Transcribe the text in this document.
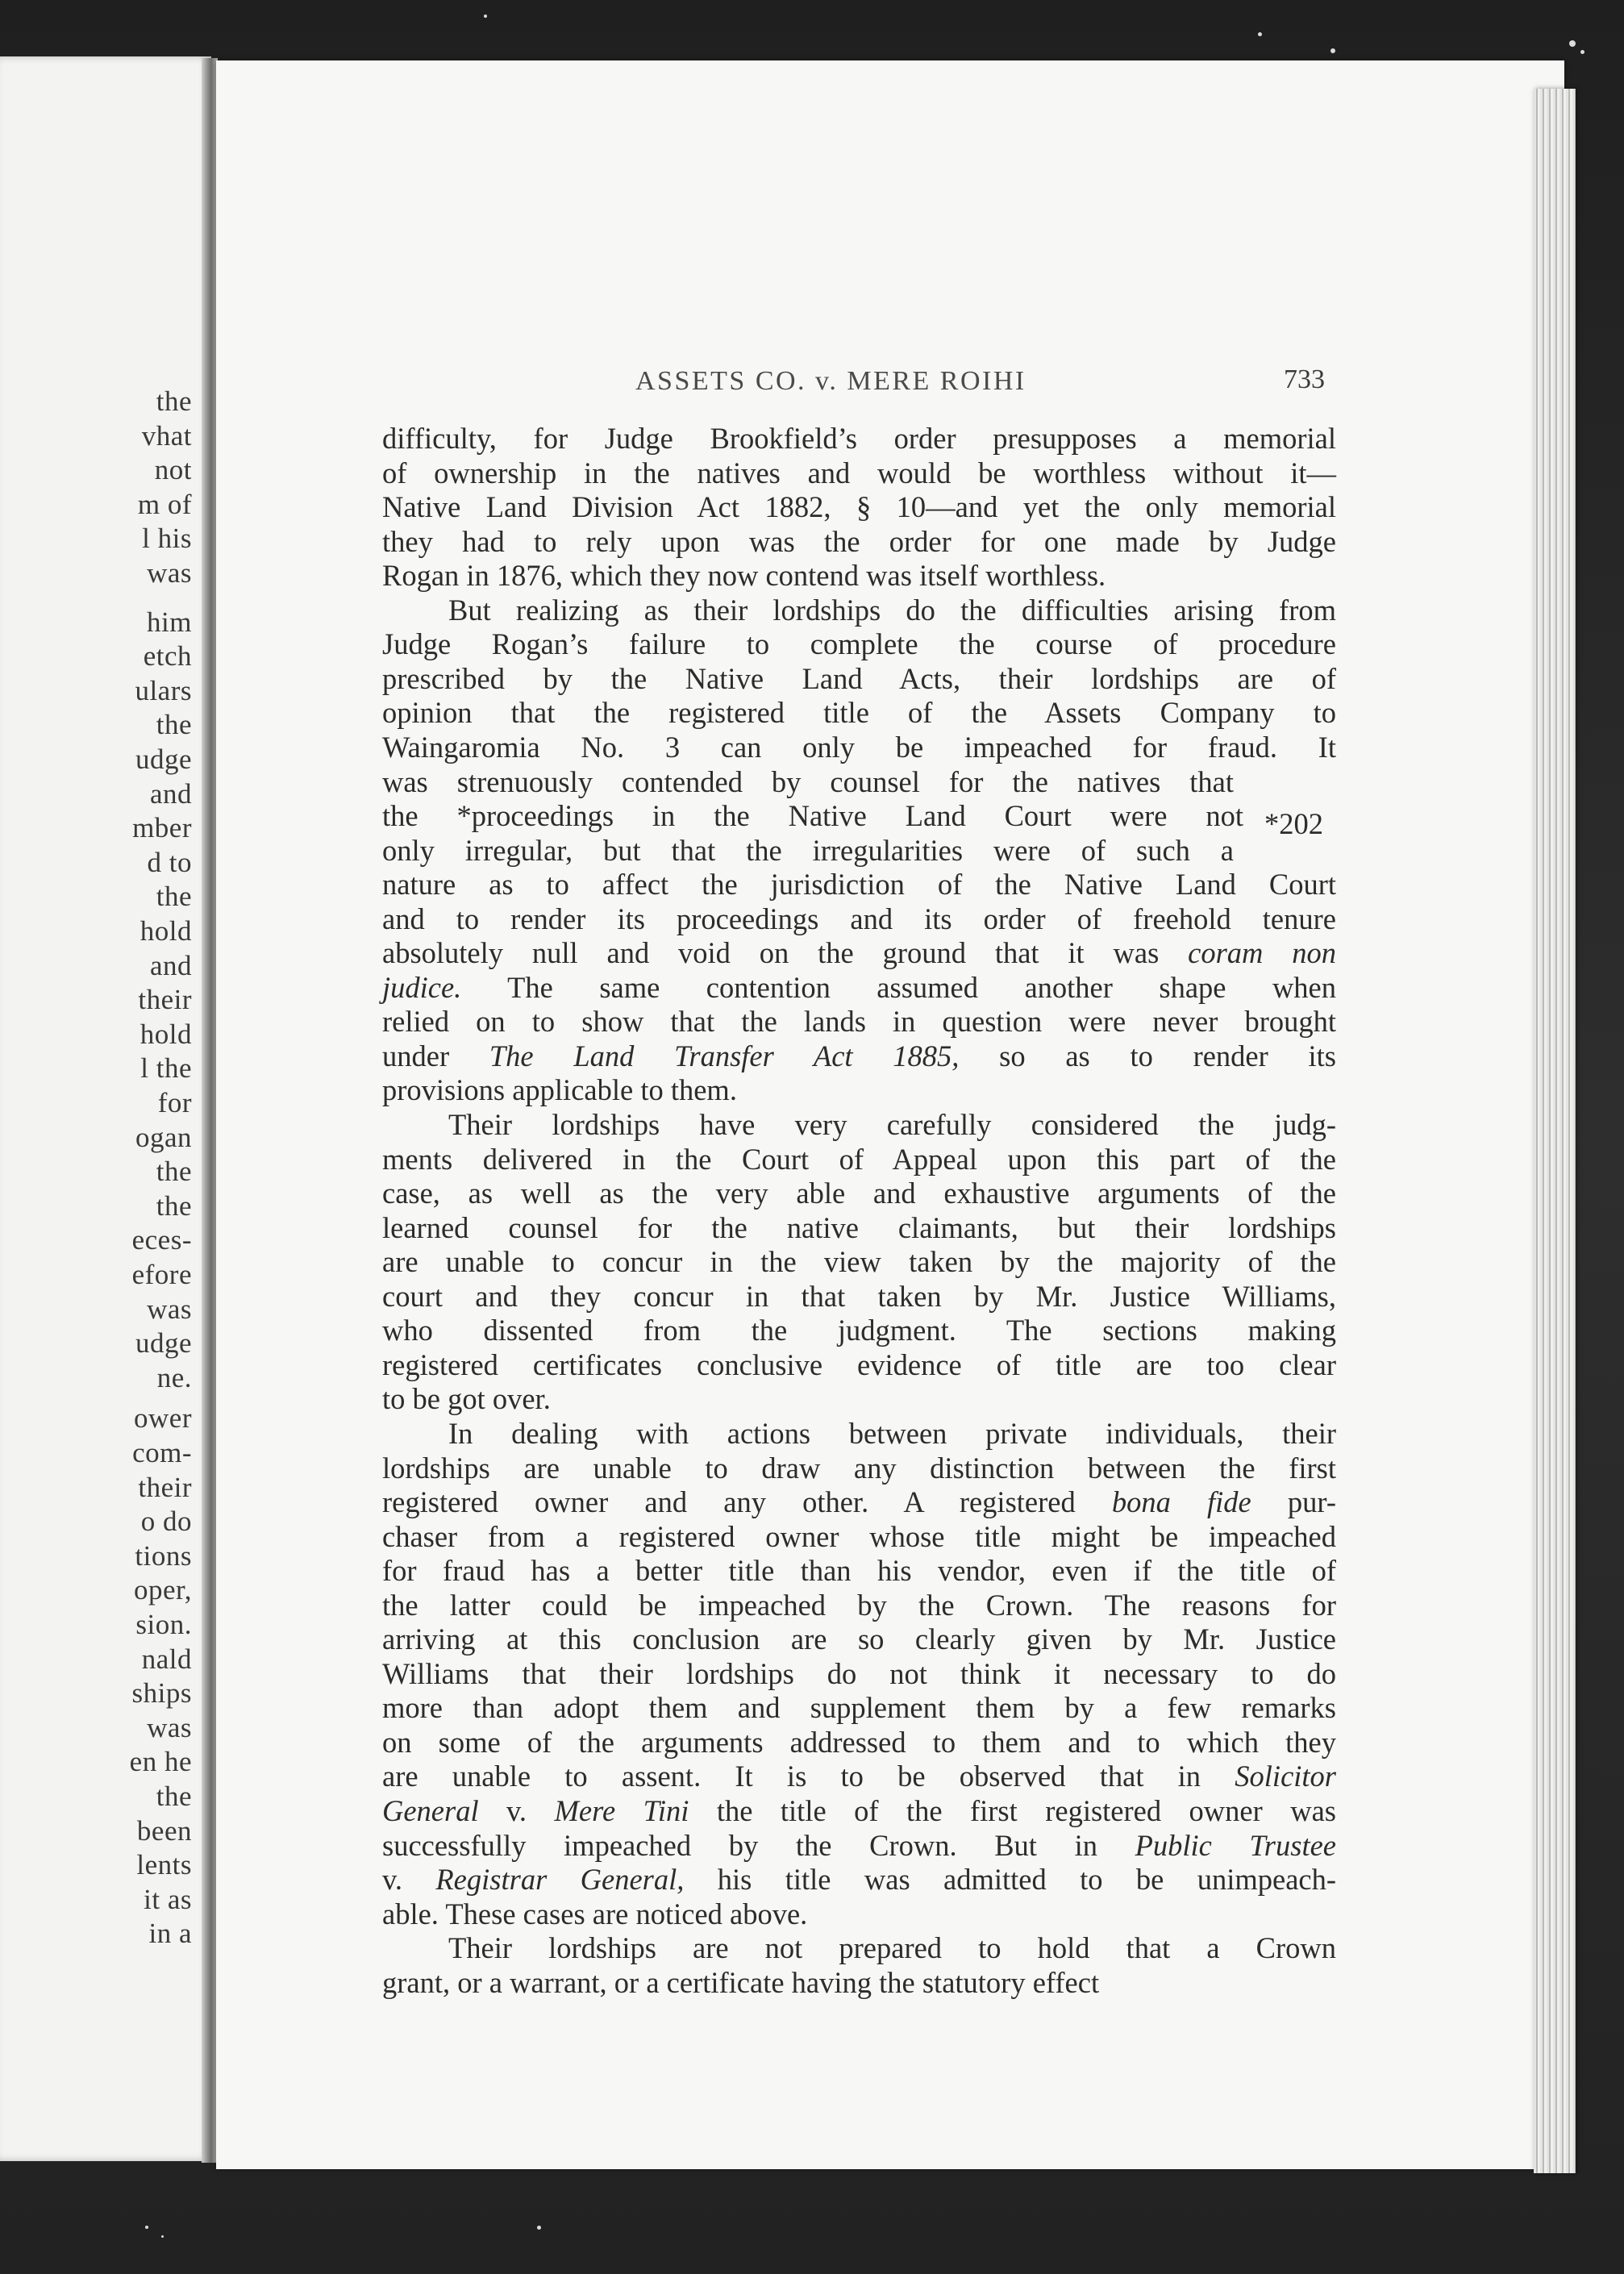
the
vhat
not
m of
l his
was
him
etch
ulars
the
udge
and
mber
d to
the
hold
and
their
hold
l the
for
ogan
the
the
eces-
efore
was
udge
ne.
ower
com-
their
o do
tions
oper,
sion.
nald
ships
was
en he
the
been
lents
it as
in a
ASSETS CO. v. MERE ROIHI	733
difficulty, for Judge Brookfield’s order presupposes a memorial
of ownership in the natives and would be worthless without it—
Native Land Division Act 1882, § 10—and yet the only memorial
they had to rely upon was the order for one made by Judge
Rogan in 1876, which they now contend was itself worthless.
But realizing as their lordships do the difficulties arising from
Judge Rogan’s failure to complete the course of procedure
prescribed by the Native Land Acts, their lordships are of
opinion that the registered title of the Assets Company to
Waingaromia No. 3 can only be impeached for fraud. It
was strenuously contended by counsel for the natives that
the *proceedings in the Native Land Court were not
only irregular, but that the irregularities were of such a
nature as to affect the jurisdiction of the Native Land Court
and to render its proceedings and its order of freehold tenure
absolutely null and void on the ground that it was coram non
judice. The same contention assumed another shape when
relied on to show that the lands in question were never brought
under The Land Transfer Act 1885, so as to render its
provisions applicable to them.
Their lordships have very carefully considered the judg-
ments delivered in the Court of Appeal upon this part of the
case, as well as the very able and exhaustive arguments of the
learned counsel for the native claimants, but their lordships
are unable to concur in the view taken by the majority of the
court and they concur in that taken by Mr. Justice Williams,
who dissented from the judgment. The sections making
registered certificates conclusive evidence of title are too clear
to be got over.
In dealing with actions between private individuals, their
lordships are unable to draw any distinction between the first
registered owner and any other. A registered bona fide pur-
chaser from a registered owner whose title might be impeached
for fraud has a better title than his vendor, even if the title of
the latter could be impeached by the Crown. The reasons for
arriving at this conclusion are so clearly given by Mr. Justice
Williams that their lordships do not think it necessary to do
more than adopt them and supplement them by a few remarks
on some of the arguments addressed to them and to which they
are unable to assent. It is to be observed that in Solicitor
General v. Mere Tini the title of the first registered owner was
successfully impeached by the Crown. But in Public Trustee
v. Registrar General, his title was admitted to be unimpeach-
able. These cases are noticed above.
Their lordships are not prepared to hold that a Crown
grant, or a warrant, or a certificate having the statutory effect
*202
